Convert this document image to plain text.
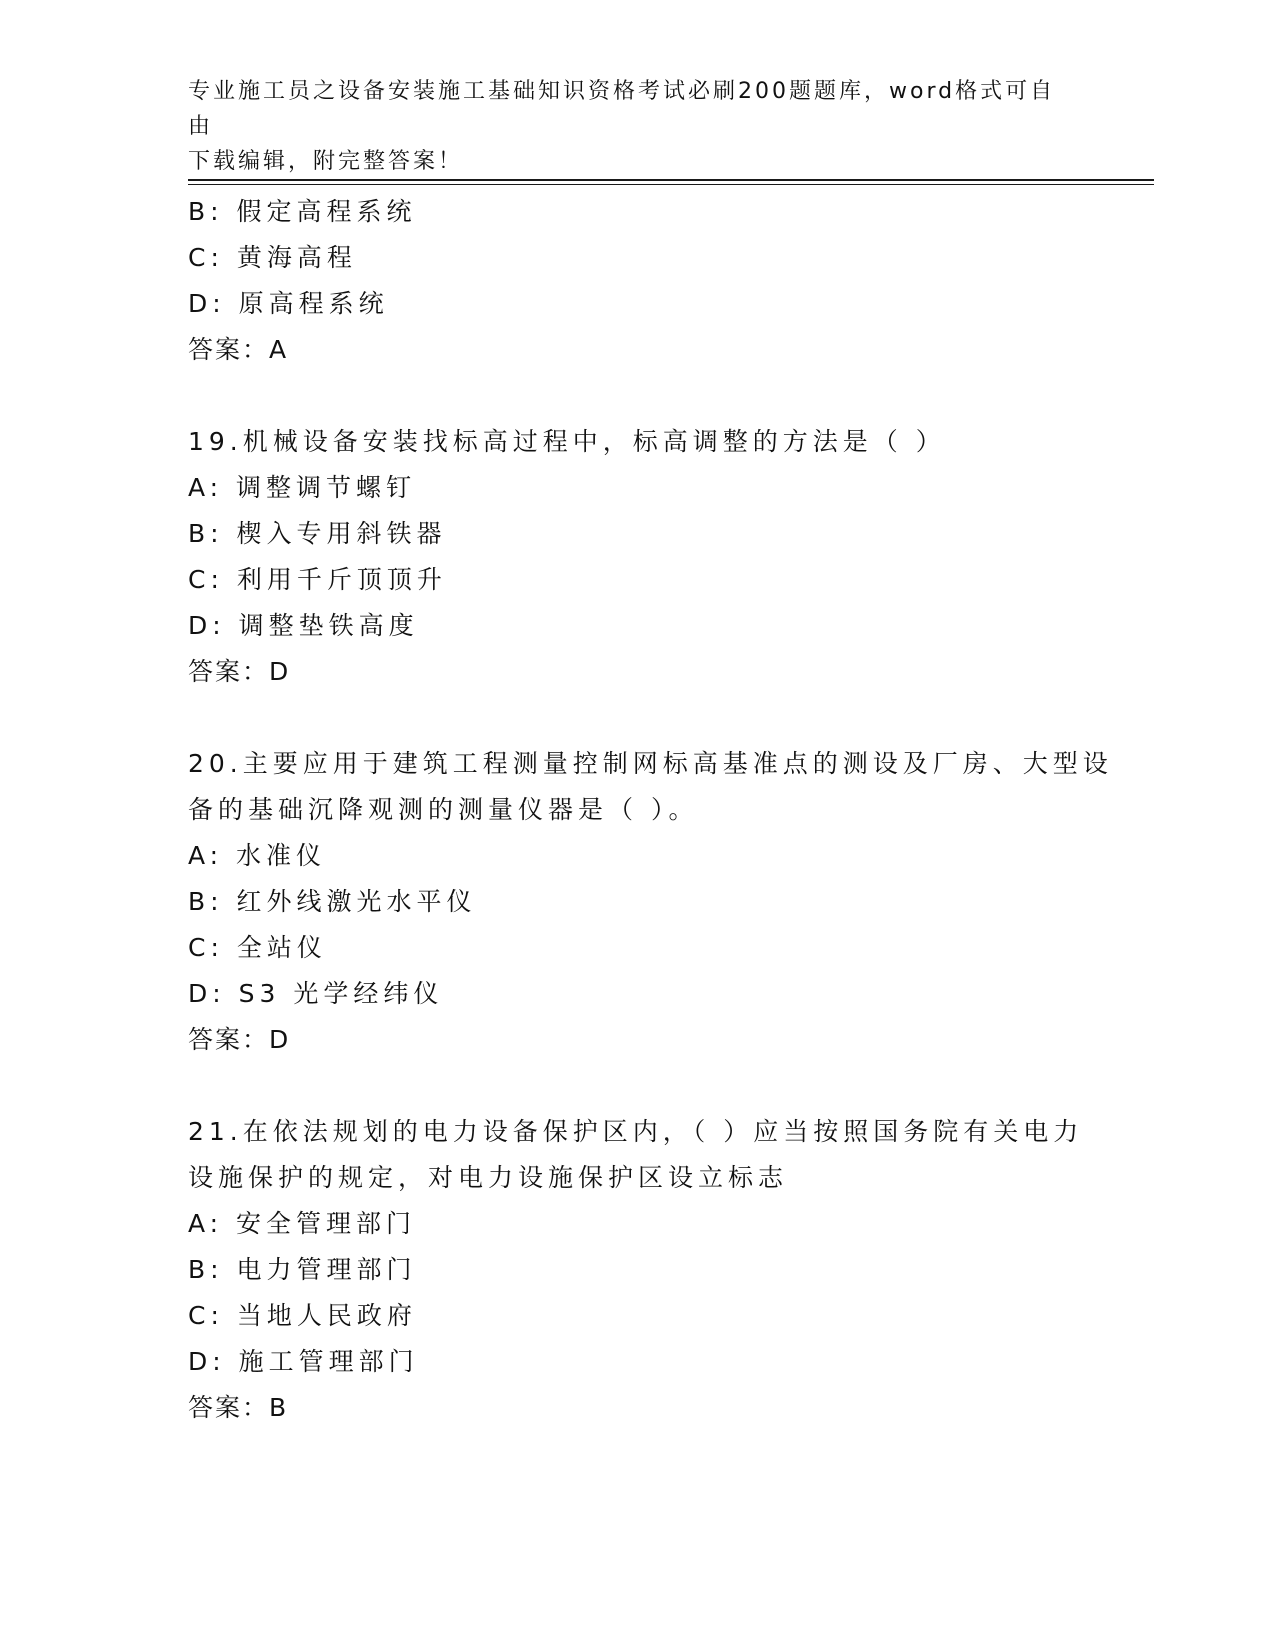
专业施工员之设备安装施工基础知识资格考试必刷200题题库，word格式可自由
下载编辑，附完整答案！
B: 假定高程系统
C: 黄海高程
D: 原高程系统
答案：A
19.机械设备安装找标高过程中，标高调整的方法是（ ）
A: 调整调节螺钉
B: 楔入专用斜铁器
C: 利用千斤顶顶升
D: 调整垫铁高度
答案：D
20.主要应用于建筑工程测量控制网标高基准点的测设及厂房、大型设
备的基础沉降观测的测量仪器是（ ）。
A: 水准仪
B: 红外线激光水平仪
C: 全站仪
D: S3 光学经纬仪
答案：D
21.在依法规划的电力设备保护区内，（ ）应当按照国务院有关电力
设施保护的规定，对电力设施保护区设立标志
A: 安全管理部门
B: 电力管理部门
C: 当地人民政府
D: 施工管理部门
答案：B
